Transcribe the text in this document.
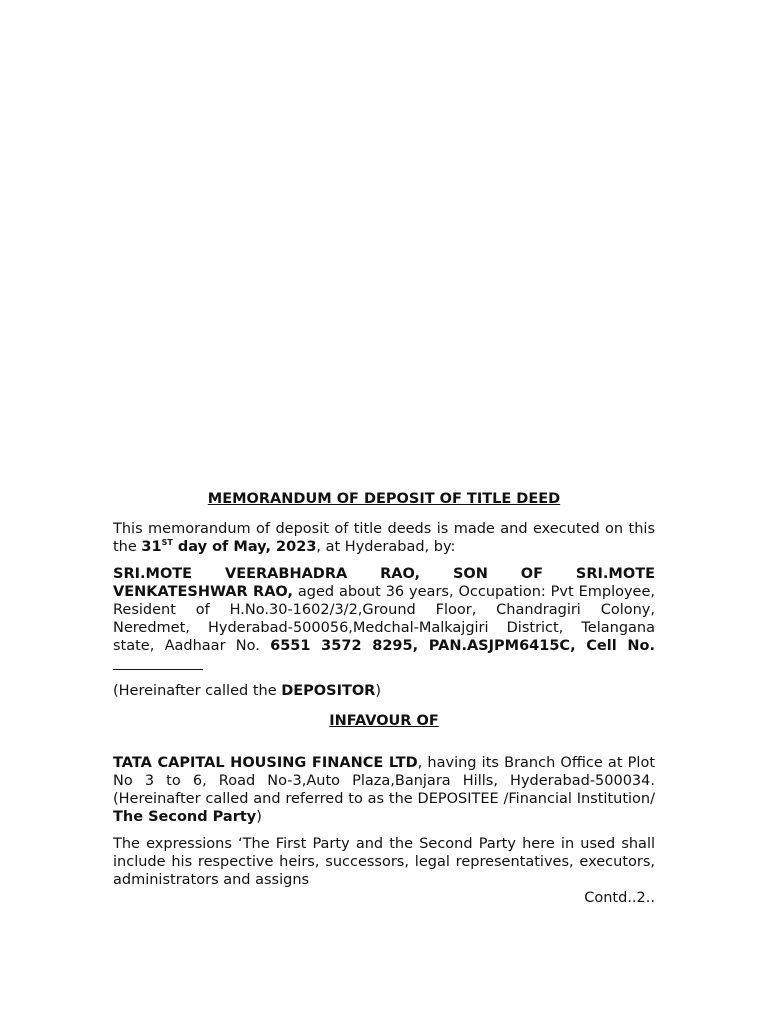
MEMORANDUM OF DEPOSIT OF TITLE DEED

This memorandum of deposit of title deeds is made and executed on this the 31ST day of May, 2023, at Hyderabad, by:

SRI.MOTE VEERABHADRA RAO, SON OF SRI.MOTE VENKATESHWAR RAO, aged about 36 years, Occupation: Pvt Employee, Resident of H.No.30-1602/3/2,Ground Floor, Chandragiri Colony, Neredmet, Hyderabad-500056,Medchal-Malkajgiri District, Telangana state, Aadhaar No. 6551 3572 8295, PAN.ASJPM6415C, Cell No.

(Hereinafter called the DEPOSITOR)

INFAVOUR OF

TATA CAPITAL HOUSING FINANCE LTD, having its Branch Office at Plot No 3 to 6, Road No-3,Auto Plaza,Banjara Hills, Hyderabad-500034. (Hereinafter called and referred to as the DEPOSITEE /Financial Institution/ The Second Party)

The expressions ‘The First Party and the Second Party here in used shall include his respective heirs, successors, legal representatives, executors, administrators and assigns

Contd..2..
